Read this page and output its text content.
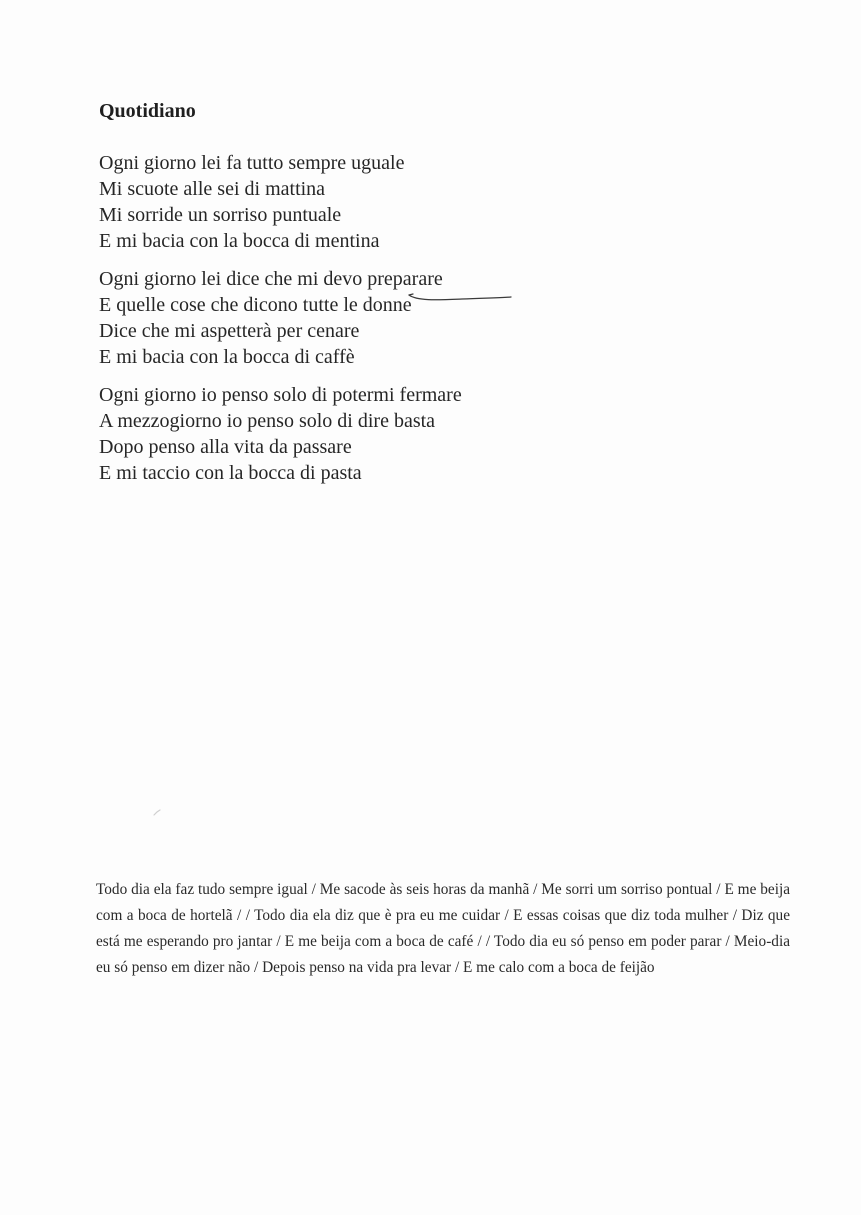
Quotidiano
Ogni giorno lei fa tutto sempre uguale
Mi scuote alle sei di mattina
Mi sorride un sorriso puntuale
E mi bacia con la bocca di mentina
Ogni giorno lei dice che mi devo preparare
E quelle cose che dicono tutte le donne
Dice che mi aspetterà per cenare
E mi bacia con la bocca di caffè
Ogni giorno io penso solo di potermi fermare
A mezzogiorno io penso solo di dire basta
Dopo penso alla vita da passare
E mi taccio con la bocca di pasta

Todo dia ela faz tudo sempre igual / Me sacode às seis horas da manhã / Me sorri um sorriso pontual / E me beija com a boca de hortelã / / Todo dia ela diz que è pra eu me cuidar / E essas coisas que diz toda mulher / Diz que está me esperando pro jantar / E me beija com a boca de café / / Todo dia eu só penso em poder parar / Meio-dia eu só penso em dizer não / Depois penso na vida pra levar / E me calo com a boca de feijão
